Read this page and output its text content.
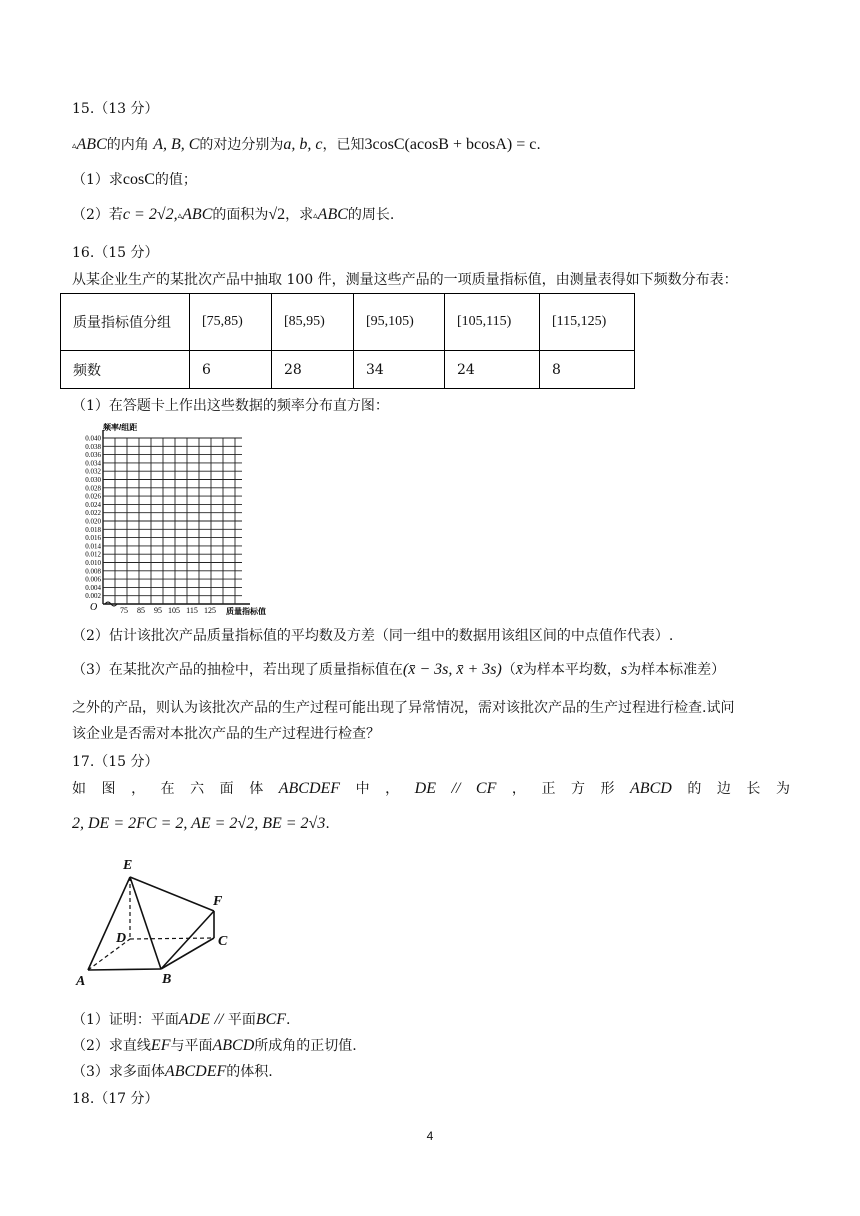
15.（13 分）
▵ABC的内角 A, B, C的对边分别为a, b, c，已知3cosC(acosB + bcosA) = c.
（1）求cosC的值；
（2）若c = 2√2,▵ABC的面积为√2，求▵ABC的周长.
16.（15 分）
从某企业生产的某批次产品中抽取 100 件，测量这些产品的一项质量指标值，由测量表得如下频数分布表：
质量指标值分组	[75,85)	[85,95)	[95,105)	[105,115)	[115,125)
频数	6	28	34	24	8
（1）在答题卡上作出这些数据的频率分布直方图：
0.040
0.038
0.036
0.034
0.032
0.030
0.028
0.026
0.024
0.022
0.020
0.018
0.016
0.014
0.012
0.010
0.008
0.006
0.004
0.002
频率/组距
O	质量指标值
75 85 95 105 115 125
（2）估计该批次产品质量指标值的平均数及方差（同一组中的数据用该组区间的中点值作代表）.
（3）在某批次产品的抽检中，若出现了质量指标值在(x̄ − 3s, x̄ + 3s)（x̄为样本平均数，s为样本标准差）
之外的产品，则认为该批次产品的生产过程可能出现了异常情况，需对该批次产品的生产过程进行检查.试问
该企业是否需对本批次产品的生产过程进行检查？
17.（15 分）
如 图 ， 在 六 面 体 ABCDEF 中 ， DE // CF ， 正 方 形 ABCD 的 边 长 为
2, DE = 2FC = 2, AE = 2√2, BE = 2√3.
E
F
D	C
A	B
（1）证明：平面ADE // 平面BCF.
（2）求直线EF与平面ABCD所成角的正切值.
（3）求多面体ABCDEF的体积.
18.（17 分）
4
